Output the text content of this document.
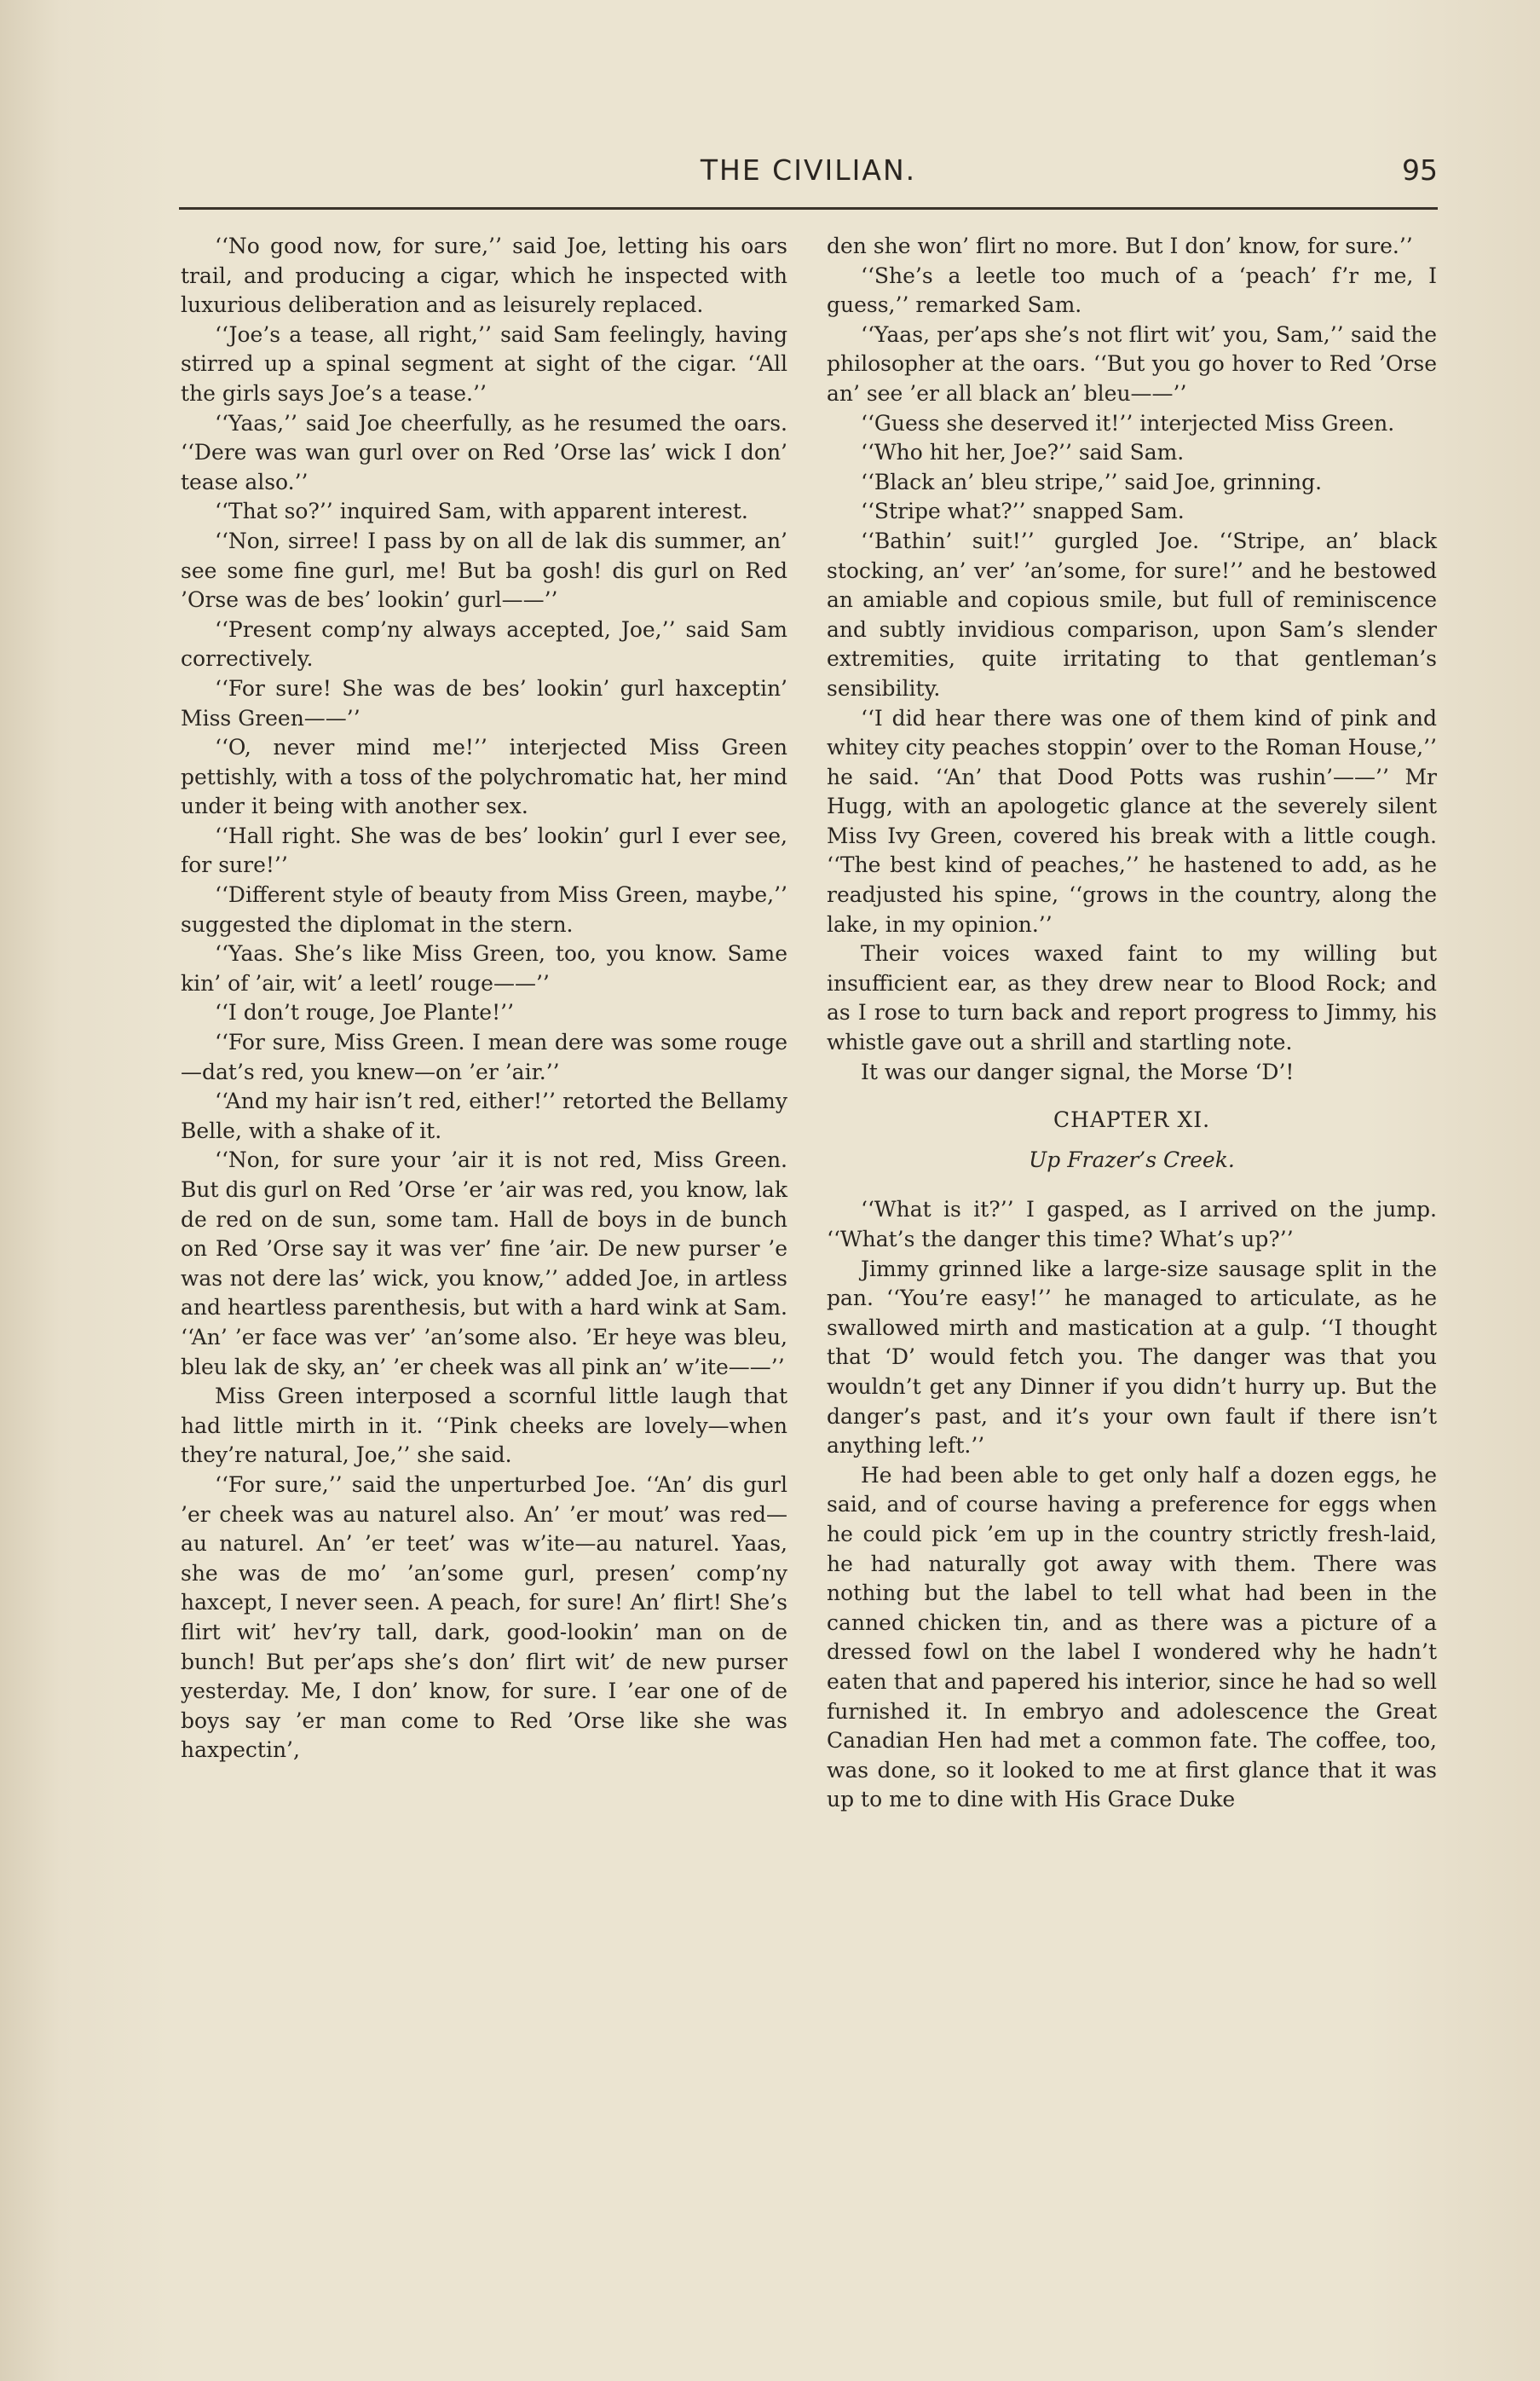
THE CIVILIAN.	95

‘‘No good now, for sure,’’ said Joe, letting his oars trail, and producing a cigar, which he inspected with luxurious deliberation and as leisurely replaced.

‘‘Joe’s a tease, all right,’’ said Sam feelingly, having stirred up a spinal segment at sight of the cigar. ‘‘All the girls says Joe’s a tease.’’

‘‘Yaas,’’ said Joe cheerfully, as he resumed the oars. ‘‘Dere was wan gurl over on Red ’Orse las’ wick I don’ tease also.’’

‘‘That so?’’ inquired Sam, with apparent interest.

‘‘Non, sirree! I pass by on all de lak dis summer, an’ see some fine gurl, me! But ba gosh! dis gurl on Red ’Orse was de bes’ lookin’ gurl——’’

‘‘Present comp’ny always accepted, Joe,’’ said Sam correctively.

‘‘For sure! She was de bes’ lookin’ gurl haxceptin’ Miss Green——’’

‘‘O, never mind me!’’ interjected Miss Green pettishly, with a toss of the polychromatic hat, her mind under it being with another sex.

‘‘Hall right. She was de bes’ lookin’ gurl I ever see, for sure!’’

‘‘Different style of beauty from Miss Green, maybe,’’ suggested the diplomat in the stern.

‘‘Yaas. She’s like Miss Green, too, you know. Same kin’ of ’air, wit’ a leetl’ rouge——’’

‘‘I don’t rouge, Joe Plante!’’

‘‘For sure, Miss Green. I mean dere was some rouge—dat’s red, you knew—on ’er ’air.’’

‘‘And my hair isn’t red, either!’’ retorted the Bellamy Belle, with a shake of it.

‘‘Non, for sure your ’air it is not red, Miss Green. But dis gurl on Red ’Orse ’er ’air was red, you know, lak de red on de sun, some tam. Hall de boys in de bunch on Red ’Orse say it was ver’ fine ’air. De new purser ’e was not dere las’ wick, you know,’’ added Joe, in artless and heartless parenthesis, but with a hard wink at Sam. ‘‘An’ ’er face was ver’ ’an’some also. ’Er heye was bleu, bleu lak de sky, an’ ’er cheek was all pink an’ w’ite——’’

Miss Green interposed a scornful little laugh that had little mirth in it. ‘‘Pink cheeks are lovely—when they’re natural, Joe,’’ she said.

‘‘For sure,’’ said the unperturbed Joe. ‘‘An’ dis gurl ’er cheek was au naturel also. An’ ’er mout’ was red—au naturel. An’ ’er teet’ was w’ite—au naturel. Yaas, she was de mo’ ’an’some gurl, presen’ comp’ny haxcept, I never seen. A peach, for sure! An’ flirt! She’s flirt wit’ hev’ry tall, dark, good-lookin’ man on de bunch! But per’aps she’s don’ flirt wit’ de new purser yesterday. Me, I don’ know, for sure. I ’ear one of de boys say ’er man come to Red ’Orse like she was haxpectin’,

den she won’ flirt no more. But I don’ know, for sure.’’

‘‘She’s a leetle too much of a ‘peach’ f’r me, I guess,’’ remarked Sam.

‘‘Yaas, per’aps she’s not flirt wit’ you, Sam,’’ said the philosopher at the oars. ‘‘But you go hover to Red ’Orse an’ see ’er all black an’ bleu——’’

‘‘Guess she deserved it!’’ interjected Miss Green.

‘‘Who hit her, Joe?’’ said Sam.

‘‘Black an’ bleu stripe,’’ said Joe, grinning.

‘‘Stripe what?’’ snapped Sam.

‘‘Bathin’ suit!’’ gurgled Joe. ‘‘Stripe, an’ black stocking, an’ ver’ ’an’some, for sure!’’ and he bestowed an amiable and copious smile, but full of reminiscence and subtly invidious comparison, upon Sam’s slender extremities, quite irritating to that gentleman’s sensibility.

‘‘I did hear there was one of them kind of pink and whitey city peaches stoppin’ over to the Roman House,’’ he said. ‘‘An’ that Dood Potts was rushin’——’’ Mr Hugg, with an apologetic glance at the severely silent Miss Ivy Green, covered his break with a little cough. ‘‘The best kind of peaches,’’ he hastened to add, as he readjusted his spine, ‘‘grows in the country, along the lake, in my opinion.’’

Their voices waxed faint to my willing but insufficient ear, as they drew near to Blood Rock; and as I rose to turn back and report progress to Jimmy, his whistle gave out a shrill and startling note.

It was our danger signal, the Morse ‘D’!

CHAPTER XI.

Up Frazer’s Creek.

‘‘What is it?’’ I gasped, as I arrived on the jump. ‘‘What’s the danger this time? What’s up?’’

Jimmy grinned like a large-size sausage split in the pan. ‘‘You’re easy!’’ he managed to articulate, as he swallowed mirth and mastication at a gulp. ‘‘I thought that ‘D’ would fetch you. The danger was that you wouldn’t get any Dinner if you didn’t hurry up. But the danger’s past, and it’s your own fault if there isn’t anything left.’’

He had been able to get only half a dozen eggs, he said, and of course having a preference for eggs when he could pick ’em up in the country strictly fresh-laid, he had naturally got away with them. There was nothing but the label to tell what had been in the canned chicken tin, and as there was a picture of a dressed fowl on the label I wondered why he hadn’t eaten that and papered his interior, since he had so well furnished it. In embryo and adolescence the Great Canadian Hen had met a common fate. The coffee, too, was done, so it looked to me at first glance that it was up to me to dine with His Grace Duke
